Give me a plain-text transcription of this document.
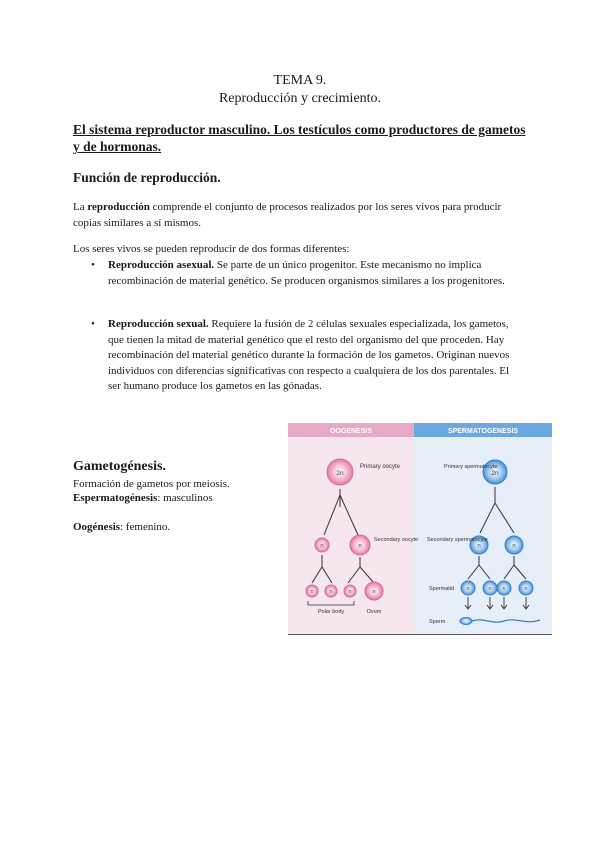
TEMA 9.
Reproducción y crecimiento.
El sistema reproductor masculino. Los testículos como productores de gametos y de hormonas.
Función de reproducción.
La reproducción comprende el conjunto de procesos realizados por los seres vivos para producir copias similares a sí mismos.
Los seres vivos se pueden reproducir de dos formas diferentes:
• Reproducción asexual. Se parte de un único progenitor. Este mecanismo no implica recombinación de material genético. Se producen organismos similares a los progenitores.
• Reproducción sexual. Requiere la fusión de 2 células sexuales especializada, los gametos, que tienen la mitad de material genético que el resto del organismo del que proceden. Hay recombinación del material genético durante la formación de los gametos. Originan nuevos individuos con diferencias significativas con respecto a cualquiera de los dos parentales. El ser humano produce los gametos en las gónadas.
Gametogénesis.
Formación de gametos por meiosis.
Espermatogénesis: masculinos
Oogénesis: femenino.
OOGENESIS	SPERMATOGENESIS
2n
Primary oocyte
n	n
Secondary oocyte
n	n	n	n
Polar body	Ovum
2n
Primary spermatocyte
n	n
Secondary spermatocyte
n	n n	n
Spermatid
Sperm
